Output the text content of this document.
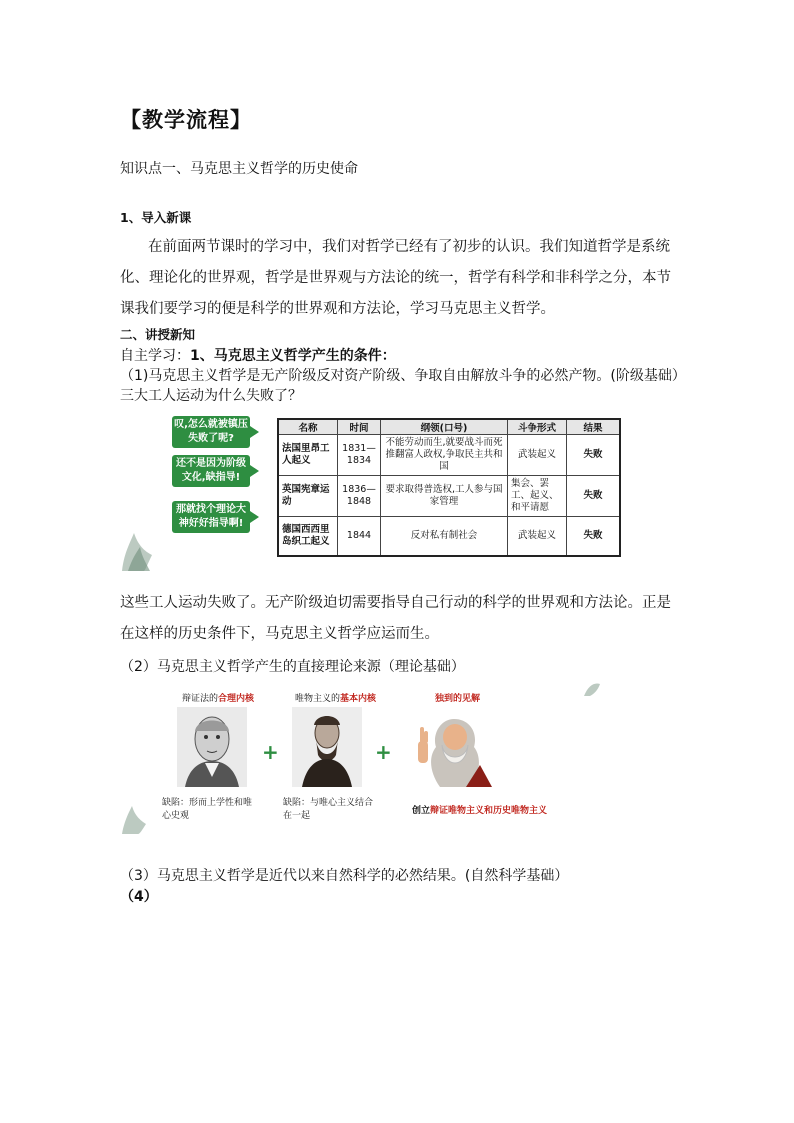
【教学流程】
知识点一、马克思主义哲学的历史使命
1、导入新课
在前面两节课时的学习中，我们对哲学已经有了初步的认识。我们知道哲学是系统化、理论化的世界观，哲学是世界观与方法论的统一，哲学有科学和非科学之分，本节课我们要学习的便是科学的世界观和方法论，学习马克思主义哲学。
二、讲授新知
自主学习：1、马克思主义哲学产生的条件：
（1)马克思主义哲学是无产阶级反对资产阶级、争取自由解放斗争的必然产物。(阶级基础）
三大工人运动为什么失败了？
叹,怎么就被镇压失败了呢?
还不是因为阶级文化,缺指导!
那就找个理论大神好好指导啊!
名称	时间	纲领(口号)	斗争形式	结果
法国里昂工人起义	1831—1834	不能劳动而生,就要战斗而死推翻富人政权,争取民主共和国	武装起义	失败
英国宪章运动	1836—1848	要求取得普选权,工人参与国家管理	集会、罢工、起义、和平请愿	失败
德国西西里岛织工起义	1844	反对私有制社会	武装起义	失败
这些工人运动失败了。无产阶级迫切需要指导自己行动的科学的世界观和方法论。正是在这样的历史条件下，马克思主义哲学应运而生。
（2）马克思主义哲学产生的直接理论来源（理论基础）
辩证法的合理内核	唯物主义的基本内核	独到的见解
+	+
缺陷：形而上学性和唯心史观
缺陷：与唯心主义结合在一起	创立辩证唯物主义和历史唯物主义
（3）马克思主义哲学是近代以来自然科学的必然结果。(自然科学基础）
（4）
